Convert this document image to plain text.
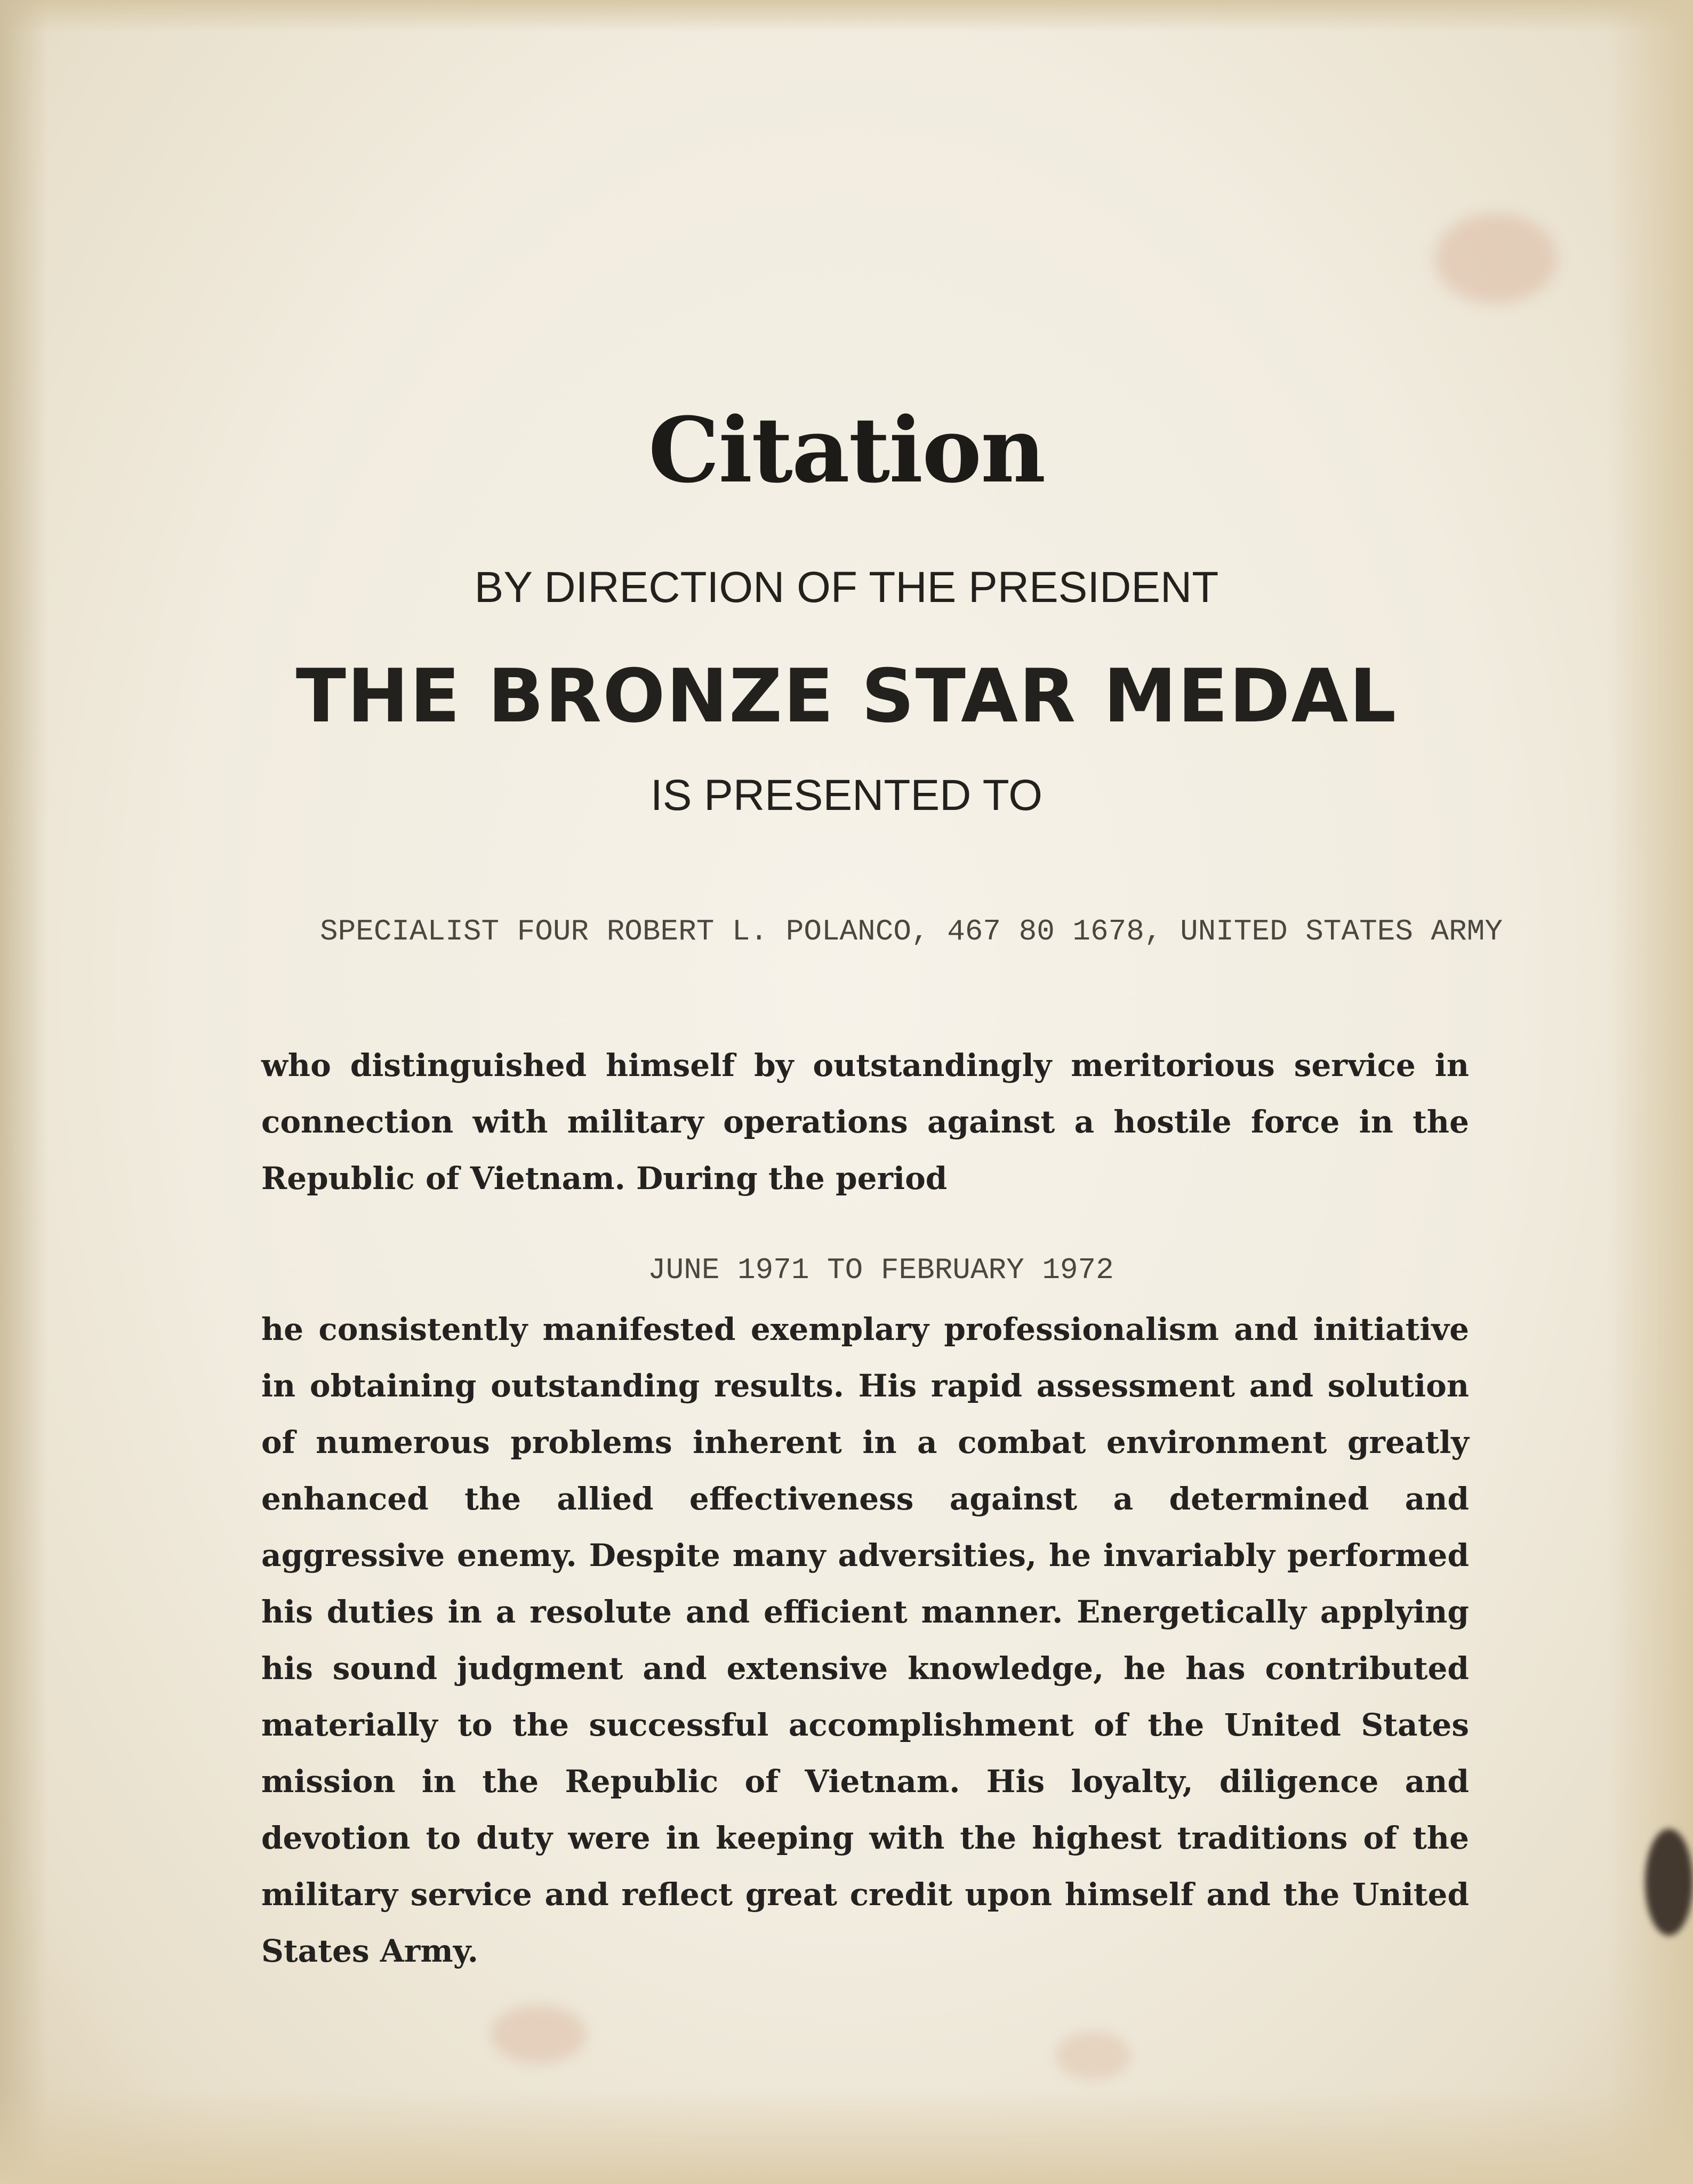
Citation
BY DIRECTION OF THE PRESIDENT
THE BRONZE STAR MEDAL
IS PRESENTED TO
SPECIALIST FOUR ROBERT L. POLANCO, 467 80 1678, UNITED STATES ARMY

who distinguished himself by outstandingly meritorious service in connection with military operations against a hostile force in the Republic of Vietnam. During the period

JUNE 1971 TO FEBRUARY 1972

he consistently manifested exemplary professionalism and initiative in obtaining outstanding results. His rapid assessment and solution of numerous problems inherent in a combat environment greatly enhanced the allied effectiveness against a determined and aggressive enemy. Despite many adversities, he invariably performed his duties in a resolute and efficient manner. Energetically applying his sound judgment and extensive knowledge, he has contributed materially to the successful accomplishment of the United States mission in the Republic of Vietnam. His loyalty, diligence and devotion to duty were in keeping with the highest traditions of the military service and reflect great credit upon himself and the United States Army.
